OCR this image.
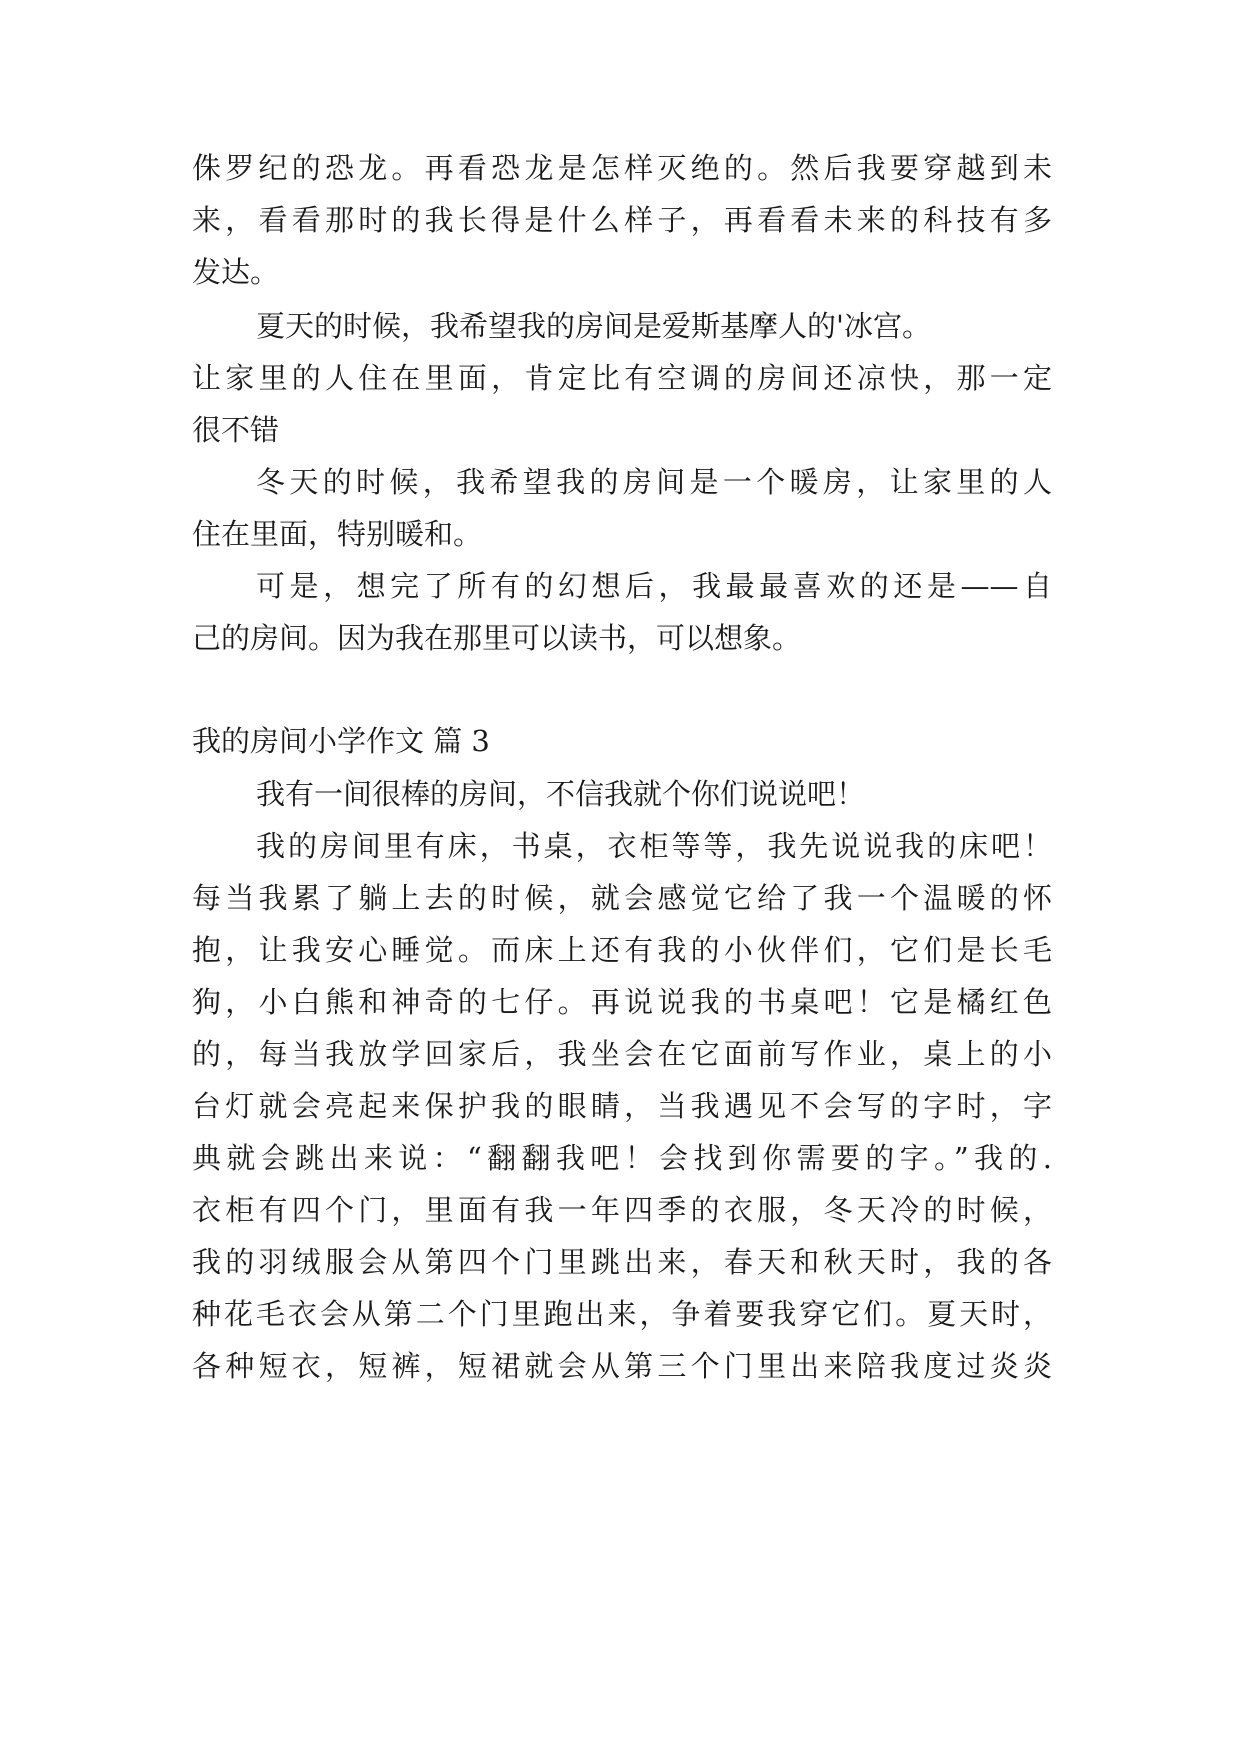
侏罗纪的恐龙。再看恐龙是怎样灭绝的。然后我要穿越到未
来，看看那时的我长得是什么样子，再看看未来的科技有多
发达。
夏天的时候，我希望我的房间是爱斯基摩人的'冰宫。
让家里的人住在里面，肯定比有空调的房间还凉快，那一定
很不错
冬天的时候，我希望我的房间是一个暖房，让家里的人
住在里面，特别暖和。
可是，想完了所有的幻想后，我最最喜欢的还是——自
己的房间。因为我在那里可以读书，可以想象。
我的房间小学作文 篇 3
我有一间很棒的房间，不信我就个你们说说吧！
我的房间里有床，书桌，衣柜等等，我先说说我的床吧！
每当我累了躺上去的时候，就会感觉它给了我一个温暖的怀
抱，让我安心睡觉。而床上还有我的小伙伴们，它们是长毛
狗，小白熊和神奇的七仔。再说说我的书桌吧！它是橘红色
的，每当我放学回家后，我坐会在它面前写作业，桌上的小
台灯就会亮起来保护我的眼睛，当我遇见不会写的字时，字
典就会跳出来说：“翻翻我吧！会找到你需要的字。”我的.
衣柜有四个门，里面有我一年四季的衣服，冬天冷的时候，
我的羽绒服会从第四个门里跳出来，春天和秋天时，我的各
种花毛衣会从第二个门里跑出来，争着要我穿它们。夏天时，
各种短衣，短裤，短裙就会从第三个门里出来陪我度过炎炎
